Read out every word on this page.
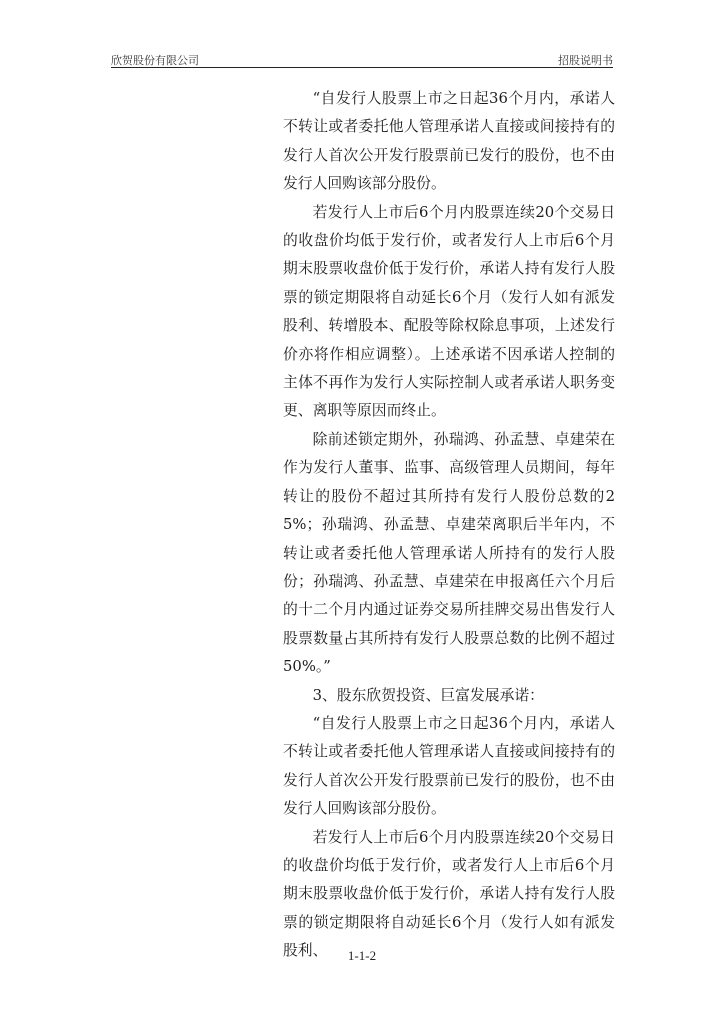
欣贺股份有限公司	招股说明书

“自发行人股票上市之日起36个月内，承诺人不转让或者委托他人管理承诺人直接或间接持有的发行人首次公开发行股票前已发行的股份，也不由发行人回购该部分股份。

若发行人上市后6个月内股票连续20个交易日的收盘价均低于发行价，或者发行人上市后6个月期末股票收盘价低于发行价，承诺人持有发行人股票的锁定期限将自动延长6个月（发行人如有派发股利、转增股本、配股等除权除息事项，上述发行价亦将作相应调整）。上述承诺不因承诺人控制的主体不再作为发行人实际控制人或者承诺人职务变更、离职等原因而终止。

除前述锁定期外，孙瑞鸿、孙孟慧、卓建荣在作为发行人董事、监事、高级管理人员期间，每年转让的股份不超过其所持有发行人股份总数的25%；孙瑞鸿、孙孟慧、卓建荣离职后半年内，不转让或者委托他人管理承诺人所持有的发行人股份；孙瑞鸿、孙孟慧、卓建荣在申报离任六个月后的十二个月内通过证券交易所挂牌交易出售发行人股票数量占其所持有发行人股票总数的比例不超过50%。”

3、股东欣贺投资、巨富发展承诺：

“自发行人股票上市之日起36个月内，承诺人不转让或者委托他人管理承诺人直接或间接持有的发行人首次公开发行股票前已发行的股份，也不由发行人回购该部分股份。

若发行人上市后6个月内股票连续20个交易日的收盘价均低于发行价，或者发行人上市后6个月期末股票收盘价低于发行价，承诺人持有发行人股票的锁定期限将自动延长6个月（发行人如有派发股利、	1-1-2
